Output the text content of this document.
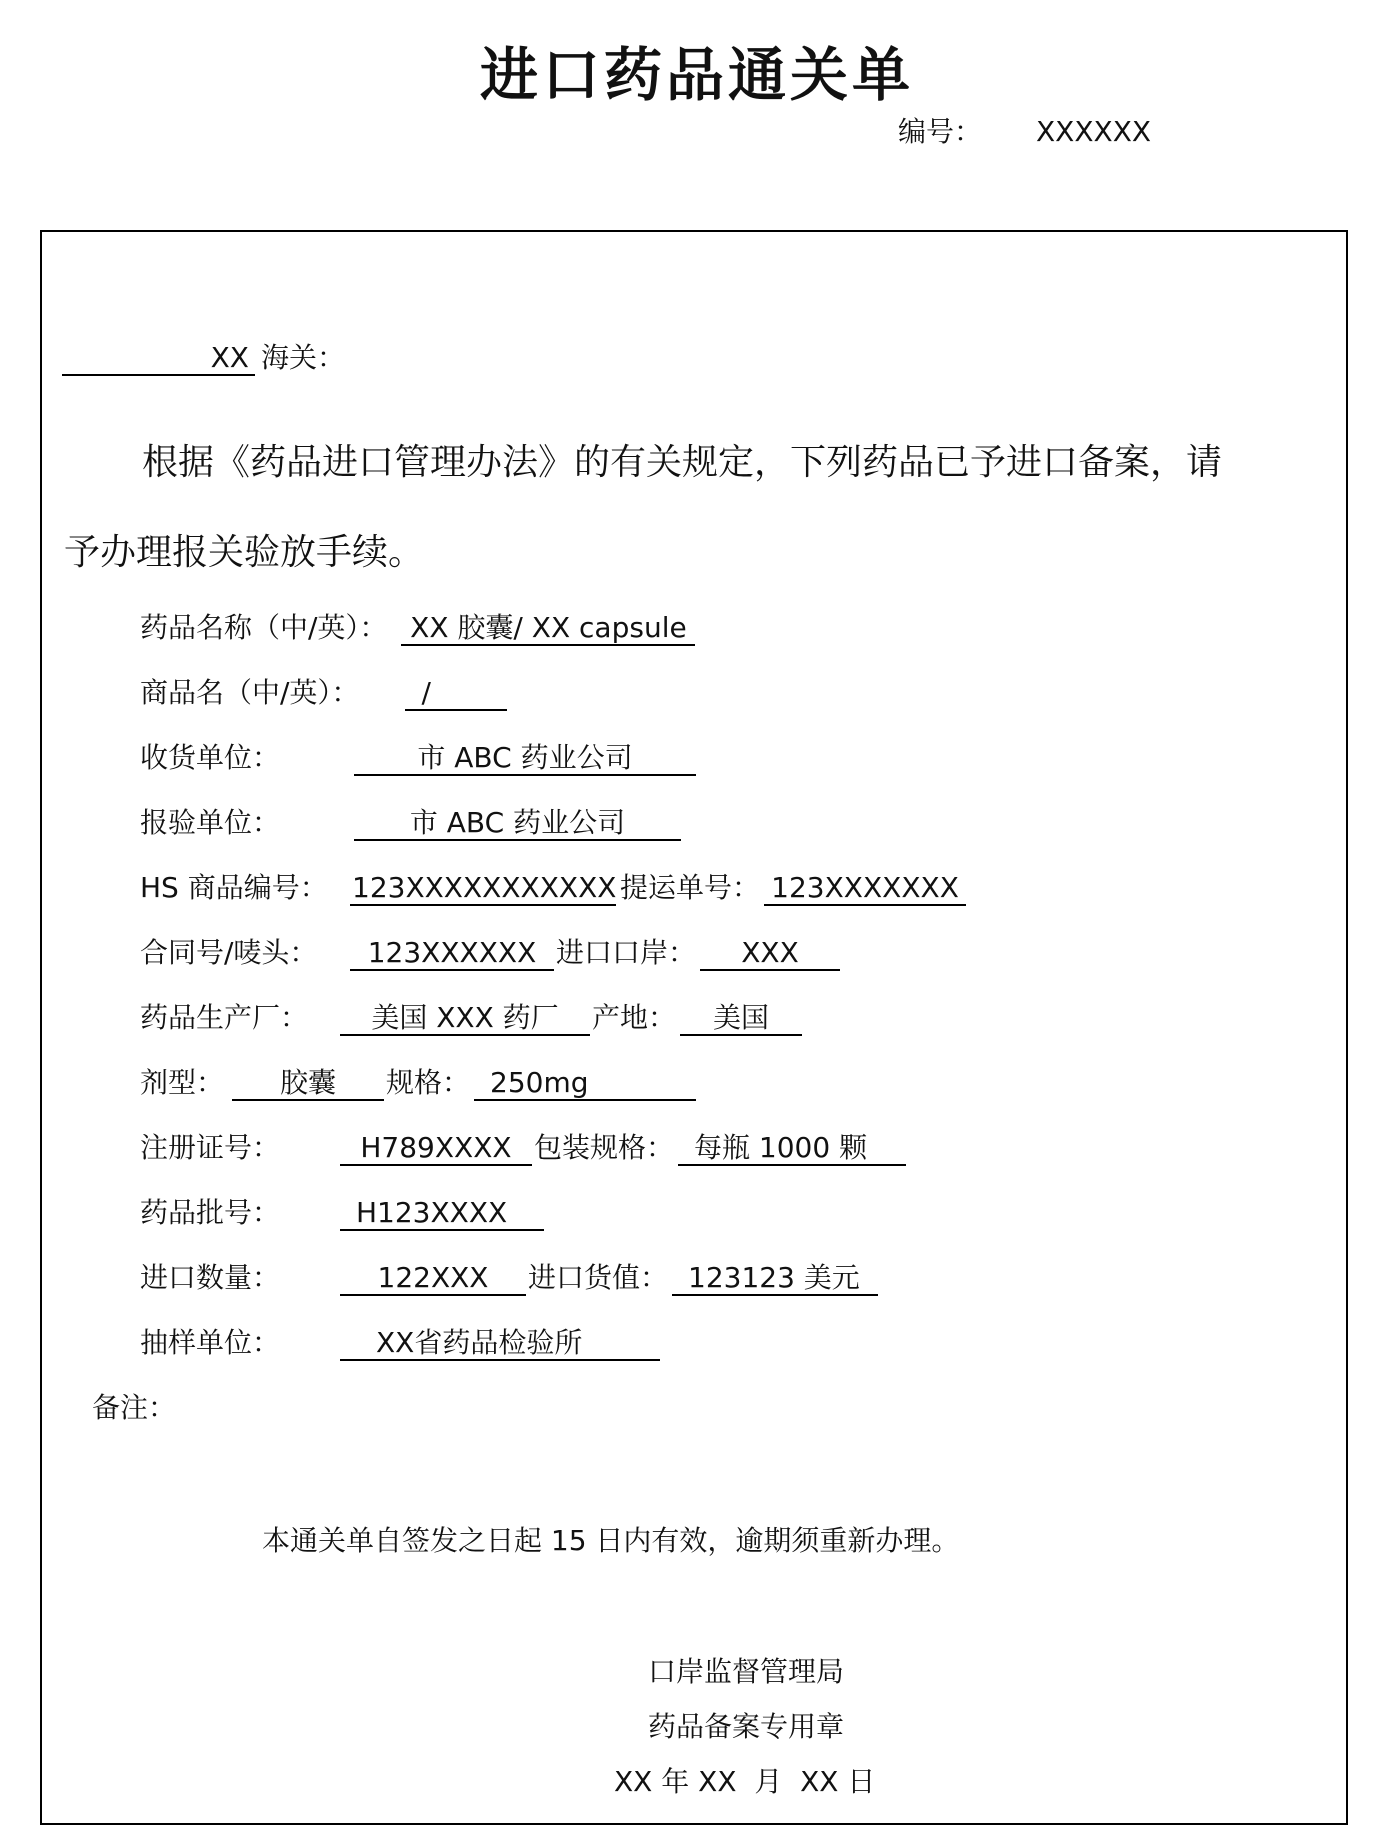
进口药品通关单
编号： XXXXXX
XX 海关：
根据《药品进口管理办法》的有关规定，下列药品已予进口备案，请
予办理报关验放手续。
药品名称（中/英）： XX 胶囊/ XX capsule
商品名（中/英）： /
收货单位：	市 ABC 药业公司
报验单位：	市 ABC 药业公司
HS 商品编号： 123XXXXXXXXXXX 提运单号： 123XXXXXXX
合同号/唛头： 123XXXXXX 进口口岸： XXX
药品生产厂： 美国 XXX 药厂 产地： 美国
剂型： 胶囊 规格： 250mg
注册证号：	H789XXXX 包装规格： 每瓶 1000 颗
药品批号：	H123XXXX
进口数量：	122XXX 进口货值： 123123 美元
抽样单位：	XX省药品检验所
备注：
本通关单自签发之日起 15 日内有效，逾期须重新办理。
口岸监督管理局
药品备案专用章
XX 年 XX  月  XX 日
